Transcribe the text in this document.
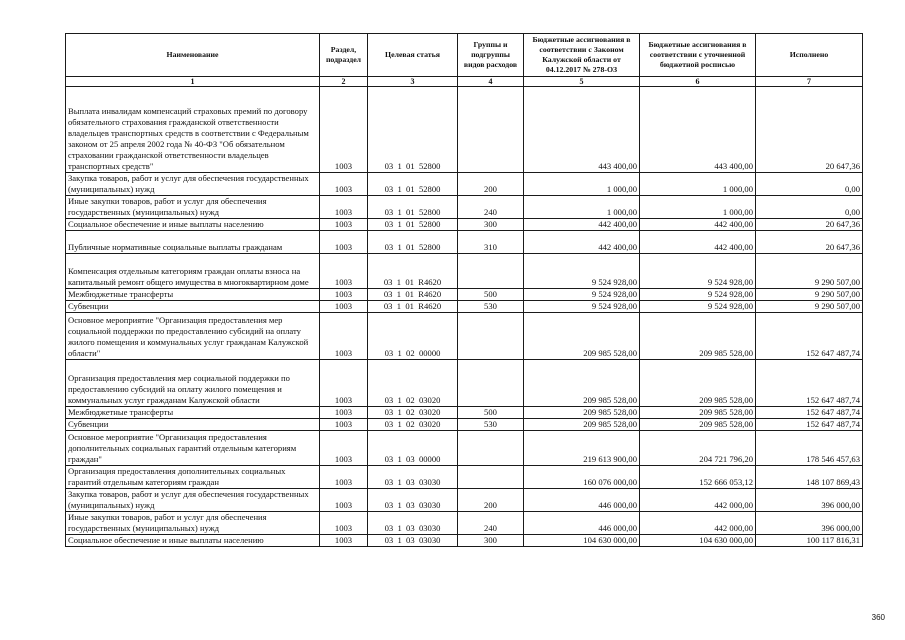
Наименование	Раздел, подраздел	Целевая статья	Группы и подгруппы видов расходов	Бюджетные ассигнования в соответствии с Законом Калужской области от 04.12.2017 № 278-ОЗ	Бюджетные ассигнования в соответствии с уточненной бюджетной росписью	Исполнено
1	2	3	4	5	6	7
Выплата инвалидам компенсаций страховых премий по договору обязательного страхования гражданской ответственности владельцев транспортных средств в соответствии с Федеральным законом от 25 апреля 2002 года № 40-ФЗ "Об обязательном страховании гражданской ответственности владельцев транспортных средств"	1003	03  1  01  52800		443 400,00	443 400,00	20 647,36
Закупка товаров, работ и услуг для обеспечения государственных (муниципальных) нужд	1003	03  1  01  52800	200	1 000,00	1 000,00	0,00
Иные закупки товаров, работ и услуг для обеспечения государственных (муниципальных) нужд	1003	03  1  01  52800	240	1 000,00	1 000,00	0,00
Социальное обеспечение и иные выплаты населению	1003	03  1  01  52800	300	442 400,00	442 400,00	20 647,36
Публичные нормативные социальные выплаты гражданам	1003	03  1  01  52800	310	442 400,00	442 400,00	20 647,36
Компенсация отдельным категориям граждан оплаты взноса на капитальный ремонт общего имущества в многоквартирном доме	1003	03  1  01  R4620		9 524 928,00	9 524 928,00	9 290 507,00
Межбюджетные трансферты	1003	03  1  01  R4620	500	9 524 928,00	9 524 928,00	9 290 507,00
Субвенции	1003	03  1  01  R4620	530	9 524 928,00	9 524 928,00	9 290 507,00
Основное мероприятие "Организация предоставления мер социальной поддержки по предоставлению субсидий на оплату жилого помещения и коммунальных услуг гражданам Калужской области"	1003	03  1  02  00000		209 985 528,00	209 985 528,00	152 647 487,74
Организация предоставления мер социальной поддержки по предоставлению субсидий на оплату жилого помещения и коммунальных услуг гражданам Калужской области	1003	03  1  02  03020		209 985 528,00	209 985 528,00	152 647 487,74
Межбюджетные трансферты	1003	03  1  02  03020	500	209 985 528,00	209 985 528,00	152 647 487,74
Субвенции	1003	03  1  02  03020	530	209 985 528,00	209 985 528,00	152 647 487,74
Основное мероприятие "Организация предоставления дополнительных социальных гарантий отдельным категориям граждан"	1003	03  1  03  00000		219 613 900,00	204 721 796,20	178 546 457,63
Организация предоставления дополнительных социальных гарантий отдельным категориям граждан	1003	03  1  03  03030		160 076 000,00	152 666 053,12	148 107 869,43
Закупка товаров, работ и услуг для обеспечения государственных (муниципальных) нужд	1003	03  1  03  03030	200	446 000,00	442 000,00	396 000,00
Иные закупки товаров, работ и услуг для обеспечения государственных (муниципальных) нужд	1003	03  1  03  03030	240	446 000,00	442 000,00	396 000,00
Социальное обеспечение и иные выплаты населению	1003	03  1  03  03030	300	104 630 000,00	104 630 000,00	100 117 816,31
360
